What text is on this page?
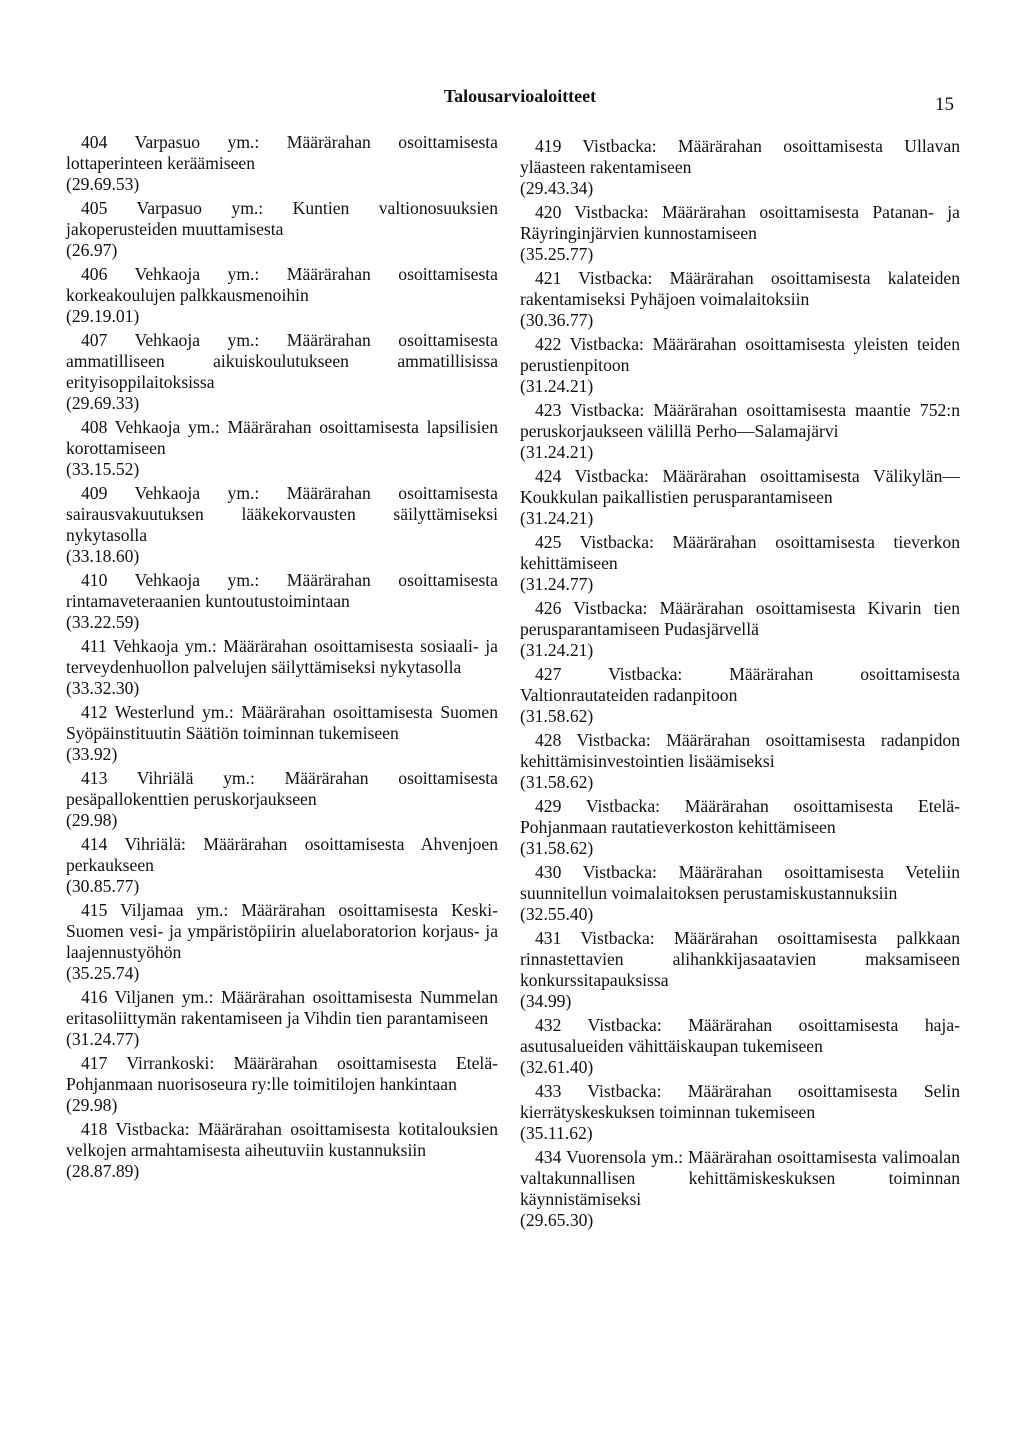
Talousarvioaloitteet	15

404 Varpasuo ym.: Määrärahan osoittamisesta lottaperinteen keräämiseen

(29.69.53)

405 Varpasuo ym.: Kuntien valtionosuuksien jakoperusteiden muuttamisesta

(26.97)

406 Vehkaoja ym.: Määrärahan osoittamisesta korkeakoulujen palkkausmenoihin

(29.19.01)

407 Vehkaoja ym.: Määrärahan osoittamisesta ammatilliseen aikuiskoulutukseen ammatillisissa erityisoppilaitoksissa

(29.69.33)

408 Vehkaoja ym.: Määrärahan osoittamisesta lapsilisien korottamiseen

(33.15.52)

409 Vehkaoja ym.: Määrärahan osoittamisesta sairausvakuutuksen lääkekorvausten säilyttämiseksi nykytasolla

(33.18.60)

410 Vehkaoja ym.: Määrärahan osoittamisesta rintamaveteraanien kuntoutustoimintaan

(33.22.59)

411 Vehkaoja ym.: Määrärahan osoittamisesta sosiaali- ja terveydenhuollon palvelujen säilyttämiseksi nykytasolla

(33.32.30)

412 Westerlund ym.: Määrärahan osoittamisesta Suomen Syöpäinstituutin Säätiön toiminnan tukemiseen

(33.92)

413 Vihriälä ym.: Määrärahan osoittamisesta pesäpallokenttien peruskorjaukseen

(29.98)

414 Vihriälä: Määrärahan osoittamisesta Ahvenjoen perkaukseen

(30.85.77)

415 Viljamaa ym.: Määrärahan osoittamisesta Keski-Suomen vesi- ja ympäristöpiirin aluelaboratorion korjaus- ja laajennustyöhön

(35.25.74)

416 Viljanen ym.: Määrärahan osoittamisesta Nummelan eritasoliittymän rakentamiseen ja Vihdin tien parantamiseen

(31.24.77)

417 Virrankoski: Määrärahan osoittamisesta Etelä-Pohjanmaan nuorisoseura ry:lle toimitilojen hankintaan

(29.98)

418 Vistbacka: Määrärahan osoittamisesta kotitalouksien velkojen armahtamisesta aiheutuviin kustannuksiin

(28.87.89)

419 Vistbacka: Määrärahan osoittamisesta Ullavan yläasteen rakentamiseen

(29.43.34)

420 Vistbacka: Määrärahan osoittamisesta Patanan- ja Räyringinjärvien kunnostamiseen

(35.25.77)

421 Vistbacka: Määrärahan osoittamisesta kalateiden rakentamiseksi Pyhäjoen voimalaitoksiin

(30.36.77)

422 Vistbacka: Määrärahan osoittamisesta yleisten teiden perustienpitoon

(31.24.21)

423 Vistbacka: Määrärahan osoittamisesta maantie 752:n peruskorjaukseen välillä Perho—Salamajärvi

(31.24.21)

424 Vistbacka: Määrärahan osoittamisesta Välikylän—Koukkulan paikallistien perusparantamiseen

(31.24.21)

425 Vistbacka: Määrärahan osoittamisesta tieverkon kehittämiseen

(31.24.77)

426 Vistbacka: Määrärahan osoittamisesta Kivarin tien perusparantamiseen Pudasjärvellä

(31.24.21)

427 Vistbacka: Määrärahan osoittamisesta Valtionrautateiden radanpitoon

(31.58.62)

428 Vistbacka: Määrärahan osoittamisesta radanpidon kehittämisinvestointien lisäämiseksi

(31.58.62)

429 Vistbacka: Määrärahan osoittamisesta Etelä-Pohjanmaan rautatieverkoston kehittämiseen

(31.58.62)

430 Vistbacka: Määrärahan osoittamisesta Veteliin suunnitellun voimalaitoksen perustamiskustannuksiin

(32.55.40)

431 Vistbacka: Määrärahan osoittamisesta palkkaan rinnastettavien alihankkijasaatavien maksamiseen konkurssitapauksissa

(34.99)

432 Vistbacka: Määrärahan osoittamisesta haja-asutusalueiden vähittäiskaupan tukemiseen

(32.61.40)

433 Vistbacka: Määrärahan osoittamisesta Selin kierrätyskeskuksen toiminnan tukemiseen

(35.11.62)

434 Vuorensola ym.: Määrärahan osoittamisesta valimoalan valtakunnallisen kehittämiskeskuksen toiminnan käynnistämiseksi

(29.65.30)
